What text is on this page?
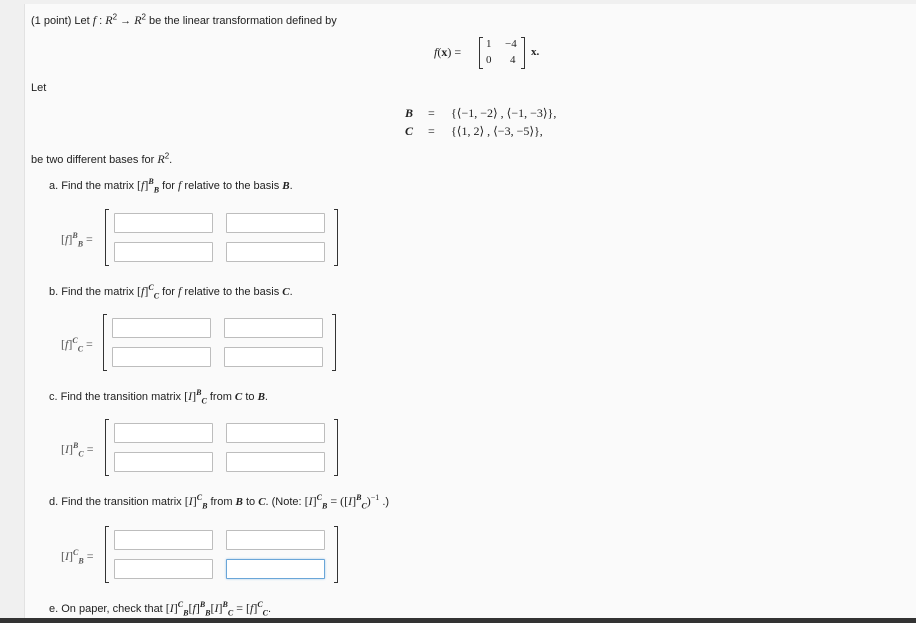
(1 point) Let f : $R^2 \to R^2$ be the linear transformation defined by
f(x) =
1 −4
0 4
x.
Let
B = {⟨−1, −2⟩ , ⟨−1, −3⟩},
C = {⟨1, 2⟩ , ⟨−3, −5⟩},
be two different bases for $R^2$.
a. Find the matrix $[f]^B_B$ for f relative to the basis B.
$[f]^B_B$ =
b. Find the matrix $[f]^C_C$ for f relative to the basis C.
$[f]^C_C$ =
c. Find the transition matrix $[I]^B_C$ from C to B.
$[I]^B_C$ =
d. Find the transition matrix $[I]^C_B$ from B to C. (Note: $[I]^C_B = ([I]^B_C)^{-1}$ .)
$[I]^C_B$ =
e. On paper, check that $[I]^C_B[f]^B_B[I]^B_C = [f]^C_C$.
